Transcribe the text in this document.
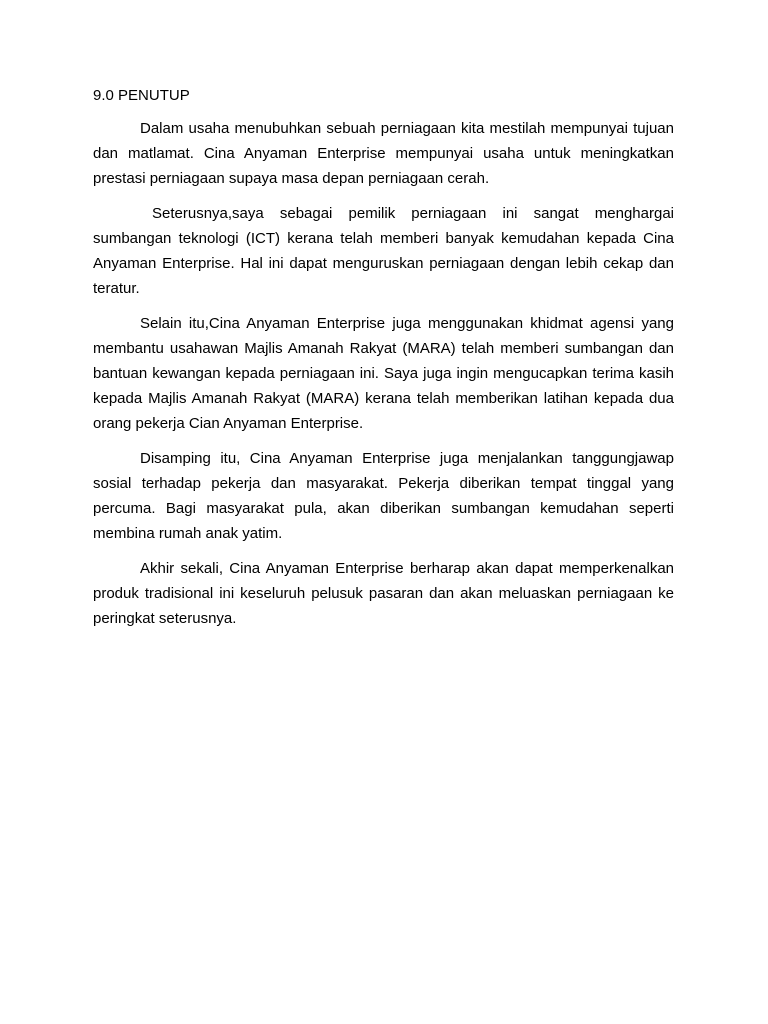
9.0 PENUTUP

Dalam usaha menubuhkan sebuah perniagaan kita mestilah mempunyai tujuan dan matlamat. Cina Anyaman Enterprise mempunyai usaha untuk meningkatkan prestasi perniagaan supaya masa depan perniagaan cerah.

Seterusnya,saya sebagai pemilik perniagaan ini sangat menghargai sumbangan teknologi (ICT) kerana telah memberi banyak kemudahan kepada Cina Anyaman Enterprise. Hal ini dapat menguruskan perniagaan dengan lebih cekap dan teratur.

Selain itu,Cina Anyaman Enterprise juga menggunakan khidmat agensi yang membantu usahawan Majlis Amanah Rakyat (MARA) telah memberi sumbangan dan bantuan kewangan kepada perniagaan ini. Saya juga ingin mengucapkan terima kasih kepada Majlis Amanah Rakyat (MARA) kerana telah memberikan latihan kepada dua orang pekerja Cian Anyaman Enterprise.

Disamping itu, Cina Anyaman Enterprise juga menjalankan tanggungjawap sosial terhadap pekerja dan masyarakat. Pekerja diberikan tempat tinggal yang percuma. Bagi masyarakat pula, akan diberikan sumbangan kemudahan seperti membina rumah anak yatim.

Akhir sekali, Cina Anyaman Enterprise berharap akan dapat memperkenalkan produk tradisional ini keseluruh pelusuk pasaran dan akan meluaskan perniagaan ke peringkat seterusnya.
